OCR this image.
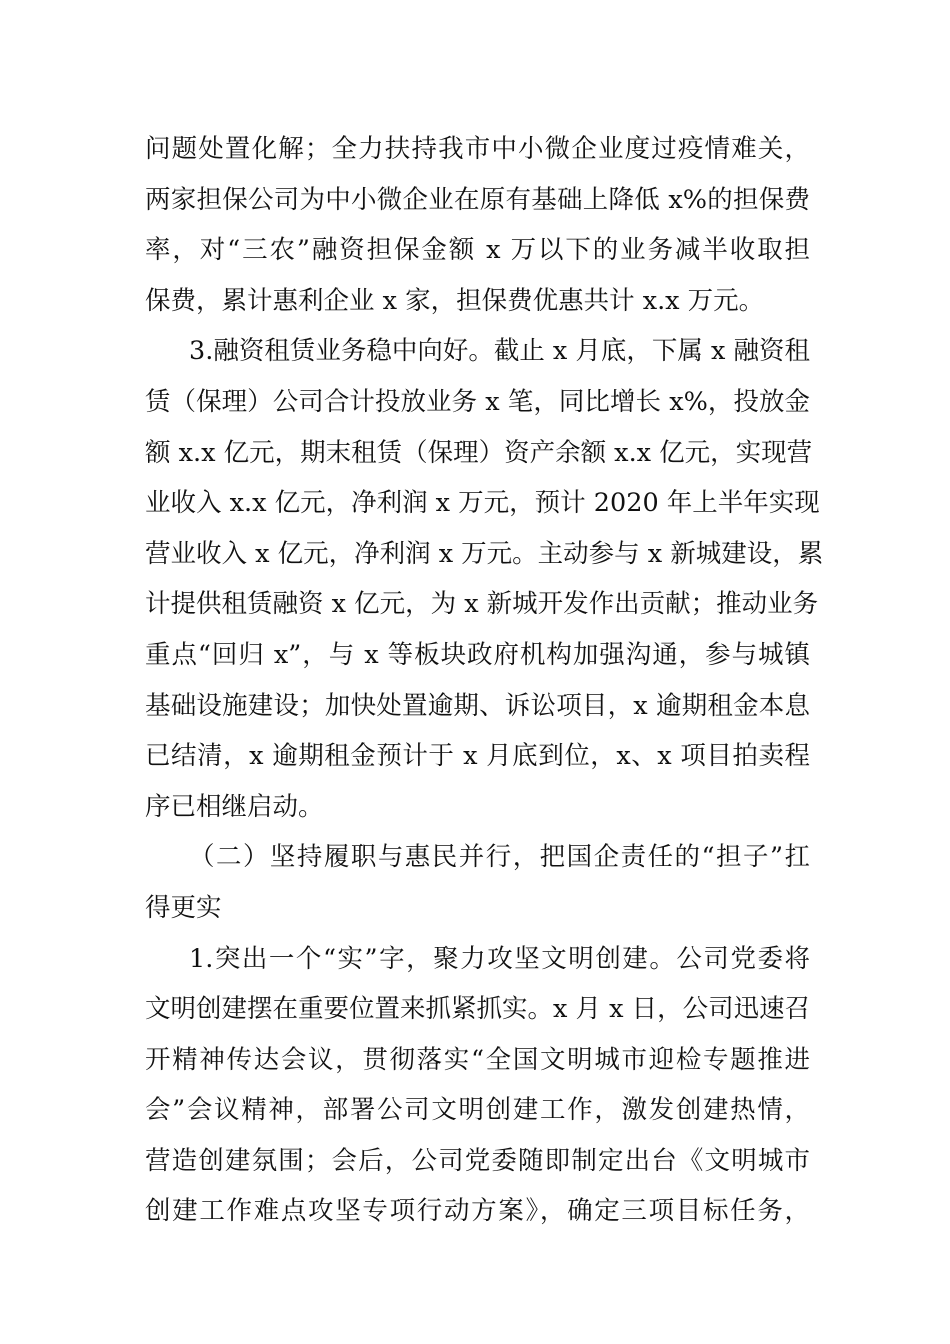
问题处置化解；全力扶持我市中小微企业度过疫情难关，
两家担保公司为中小微企业在原有基础上降低 x%的担保费
率，对“三农”融资担保金额 x 万以下的业务减半收取担
保费，累计惠利企业 x 家，担保费优惠共计 x.x 万元。
3.融资租赁业务稳中向好。截止 x 月底，下属 x 融资租
赁（保理）公司合计投放业务 x 笔，同比增长 x%，投放金
额 x.x 亿元，期末租赁（保理）资产余额 x.x 亿元，实现营
业收入 x.x 亿元，净利润 x 万元，预计 2020 年上半年实现
营业收入 x 亿元，净利润 x 万元。主动参与 x 新城建设，累
计提供租赁融资 x 亿元，为 x 新城开发作出贡献；推动业务
重点“回归 x”，与 x 等板块政府机构加强沟通，参与城镇
基础设施建设；加快处置逾期、诉讼项目，x 逾期租金本息
已结清，x 逾期租金预计于 x 月底到位，x、x 项目拍卖程
序已相继启动。
（二）坚持履职与惠民并行，把国企责任的“担子”扛
得更实
1.突出一个“实”字，聚力攻坚文明创建。公司党委将
文明创建摆在重要位置来抓紧抓实。x 月 x 日，公司迅速召
开精神传达会议，贯彻落实“全国文明城市迎检专题推进
会”会议精神，部署公司文明创建工作，激发创建热情，
营造创建氛围；会后，公司党委随即制定出台《文明城市
创建工作难点攻坚专项行动方案》，确定三项目标任务，
